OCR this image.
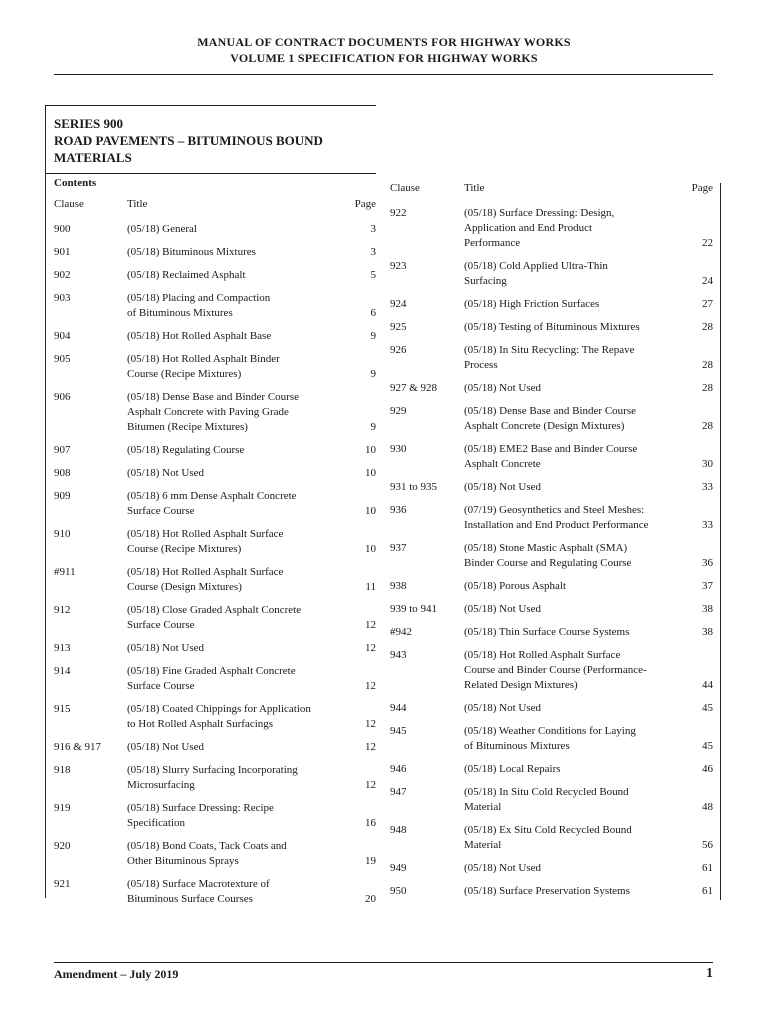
MANUAL OF CONTRACT DOCUMENTS FOR HIGHWAY WORKS
VOLUME 1 SPECIFICATION FOR HIGHWAY WORKS
SERIES 900
ROAD PAVEMENTS – BITUMINOUS BOUND
MATERIALS
Contents
Clause	Title	Page
900	(05/18) General	3
901	(05/18) Bituminous Mixtures	3
902	(05/18) Reclaimed Asphalt	5
903	(05/18) Placing and Compaction
of Bituminous Mixtures	6
904	(05/18) Hot Rolled Asphalt Base	9
905	(05/18) Hot Rolled Asphalt Binder
Course (Recipe Mixtures)	9
906	(05/18) Dense Base and Binder Course
Asphalt Concrete with Paving Grade
Bitumen (Recipe Mixtures)	9
907	(05/18) Regulating Course	10
908	(05/18) Not Used	10
909	(05/18) 6 mm Dense Asphalt Concrete
Surface Course	10
910	(05/18) Hot Rolled Asphalt Surface
Course (Recipe Mixtures)	10
#911	(05/18) Hot Rolled Asphalt Surface
Course (Design Mixtures)	11
912	(05/18) Close Graded Asphalt Concrete
Surface Course	12
913	(05/18) Not Used	12
914	(05/18) Fine Graded Asphalt Concrete
Surface Course	12
915	(05/18) Coated Chippings for Application
to Hot Rolled Asphalt Surfacings	12
916 & 917	(05/18) Not Used	12
918	(05/18) Slurry Surfacing Incorporating
Microsurfacing	12
919	(05/18) Surface Dressing: Recipe
Specification	16
920	(05/18) Bond Coats, Tack Coats and
Other Bituminous Sprays	19
921	(05/18) Surface Macrotexture of
Bituminous Surface Courses	20
Clause	Title	Page
922	(05/18) Surface Dressing: Design,
Application and End Product
Performance	22
923	(05/18) Cold Applied Ultra-Thin
Surfacing	24
924	(05/18) High Friction Surfaces	27
925	(05/18) Testing of Bituminous Mixtures	28
926	(05/18) In Situ Recycling: The Repave
Process	28
927 & 928	(05/18) Not Used	28
929	(05/18) Dense Base and Binder Course
Asphalt Concrete (Design Mixtures)	28
930	(05/18) EME2 Base and Binder Course
Asphalt Concrete	30
931 to 935	(05/18) Not Used	33
936	(07/19) Geosynthetics and Steel Meshes:
Installation and End Product Performance	33
937	(05/18) Stone Mastic Asphalt (SMA)
Binder Course and Regulating Course	36
938	(05/18) Porous Asphalt	37
939 to 941	(05/18) Not Used	38
#942	(05/18) Thin Surface Course Systems	38
943	(05/18) Hot Rolled Asphalt Surface
Course and Binder Course (Performance-
Related Design Mixtures)	44
944	(05/18) Not Used	45
945	(05/18) Weather Conditions for Laying
of Bituminous Mixtures	45
946	(05/18) Local Repairs	46
947	(05/18) In Situ Cold Recycled Bound
Material	48
948	(05/18) Ex Situ Cold Recycled Bound
Material	56
949	(05/18) Not Used	61
950	(05/18) Surface Preservation Systems	61
Amendment – July 2019	1
